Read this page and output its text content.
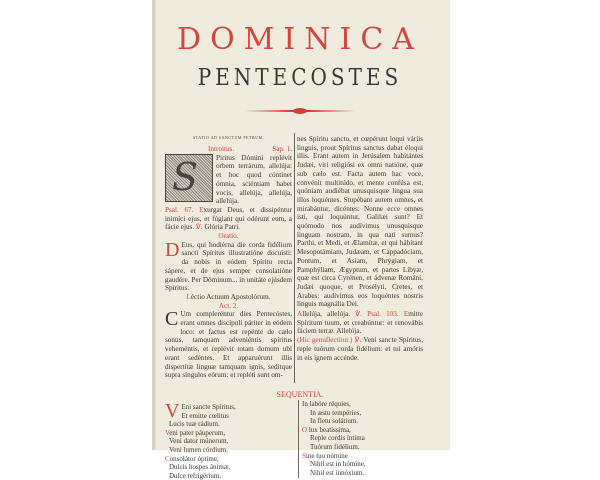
DOMINICA
PENTECOSTES
STATIO AD SANCTUM PETRUM.
Introitus.	Sap. 1.

S Piritus Dómini replévit orbem terrárum, allelúja: et hoc quod cóntinet ómnia, sciéntiam habet vocis, allelúja, allelúja, allelúja.

Psal. 67. Exurgat Deus, et dissipéntur inimíci ejus, et fúgiant qui odérunt eum, a fácie ejus. ℣. Glória Patri.

Oratio.

D Eus, qui hodiérna die corda fidélium sancti Spíritus illustratióne docuísti: da nobis in eódem Spíritu recta sápere, et de ejus semper consolatióne gaudére. Per Dóminum... in unitáte ejúsdem Spíritus.

Léctio Actuum Apostolórum.
Act. 2.

C Um compleréntur dies Pentecóstes, erant omnes discípuli páriter in eódem loco: et factus est repénte de cælo sonus, tamquam adveniéntis spíritus veheméntis, et replévit totam domum ubi erant sedéntes. Et apparuérunt illis dispertítæ linguæ tamquam ignis, seditque supra síngulos eórum: et repléti sunt om-

nes Spíritu sancto, et cœpérunt loqui váriis linguis, prout Spíritus sanctus dabat éloqui illis. Erant autem in Jerúsalem habitántes Judæi, viri religiósi ex omni natióne, quæ sub cælo est. Facta autem hac voce, convénit multitúdo, et mente confúsa est, quóniam audiébat unusquisque lingua sua illos loquéntes. Stupébant autem omnes, et mirabántur, dicéntes: Nonne ecce omnes isti, qui loquúntur, Galilæi sunt? Et quómodo nos audívimus unusquisque linguam nostram, in qua nati sumus? Parthi, et Medi, et Ælamítæ, et qui hábitant Mesopotámiam, Judæam, et Cappadóciam, Pontum, et Asiam, Phrýgiam, et Pamphýliam, Ægyptum, et partes Líbyæ, quæ est circa Cyrénen, et ádvenæ Románi, Judæi quoque, et Prosélyti, Cretes, et Arabes: audívimus eos loquéntes nostris linguis magnália Dei.

Allelúja, allelúja. ℣. Psal. 103. Emitte Spíritum tuum, et creabúntur: et renovábis fáciem terræ. Allelúja.

(Hic genuflectitur.) ℣. Veni sancte Spíritus, reple tuórum corda fidélium: et tui amóris in eis ignem accénde.

SEQUENTIA.
V Eni sancte Spíritus,
Et emitte cœlitus
Lucis tuæ rádium.
Veni pater páuperum,
Veni dator múnerum,
Veni lumen córdium.
Consolátor óptime,
Dulcis hospes ánimæ,
Dulce refrigérium.
In labóre réquies,
In æstu tempéries,
In fletu solátium.
O lux beatíssima,
Reple cordis íntima
Tuórum fidélium.
Sine tuo númine
Nihil est in hómine,
Nihil est innóxium.
